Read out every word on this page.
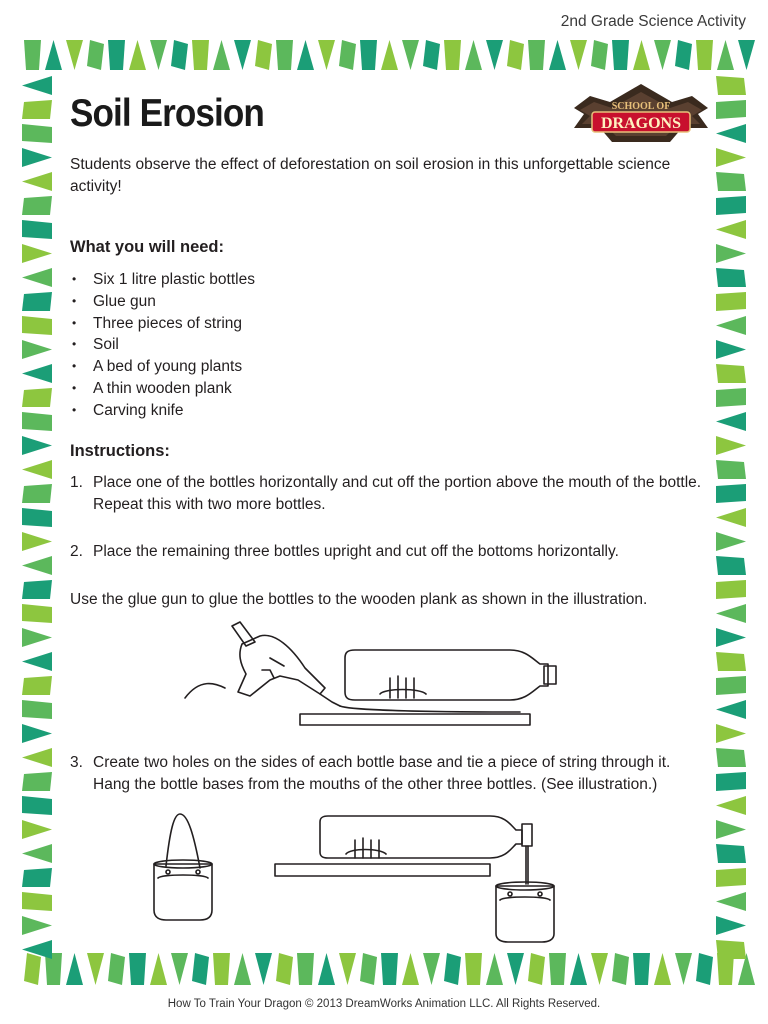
2nd Grade Science Activity
Soil Erosion	SCHOOL OF
DRAGONS

Students observe the effect of deforestation on soil erosion in this unforgettable science activity!

What you will need:
• Six 1 litre plastic bottles
• Glue gun
• Three pieces of string
• Soil
• A bed of young plants
• A thin wooden plank
• Carving knife
Instructions:
1. Place one of the bottles horizontally and cut off the portion above the mouth of the bottle. Repeat this with two more bottles.
2. Place the remaining three bottles upright and cut off the bottoms horizontally.
Use the glue gun to glue the bottles to the wooden plank as shown in the illustration.
3. Create two holes on the sides of each bottle base and tie a piece of string through it. Hang the bottle bases from the mouths of the other three bottles. (See illustration.)
How To Train Your Dragon © 2013 DreamWorks Animation LLC. All Rights Reserved.
